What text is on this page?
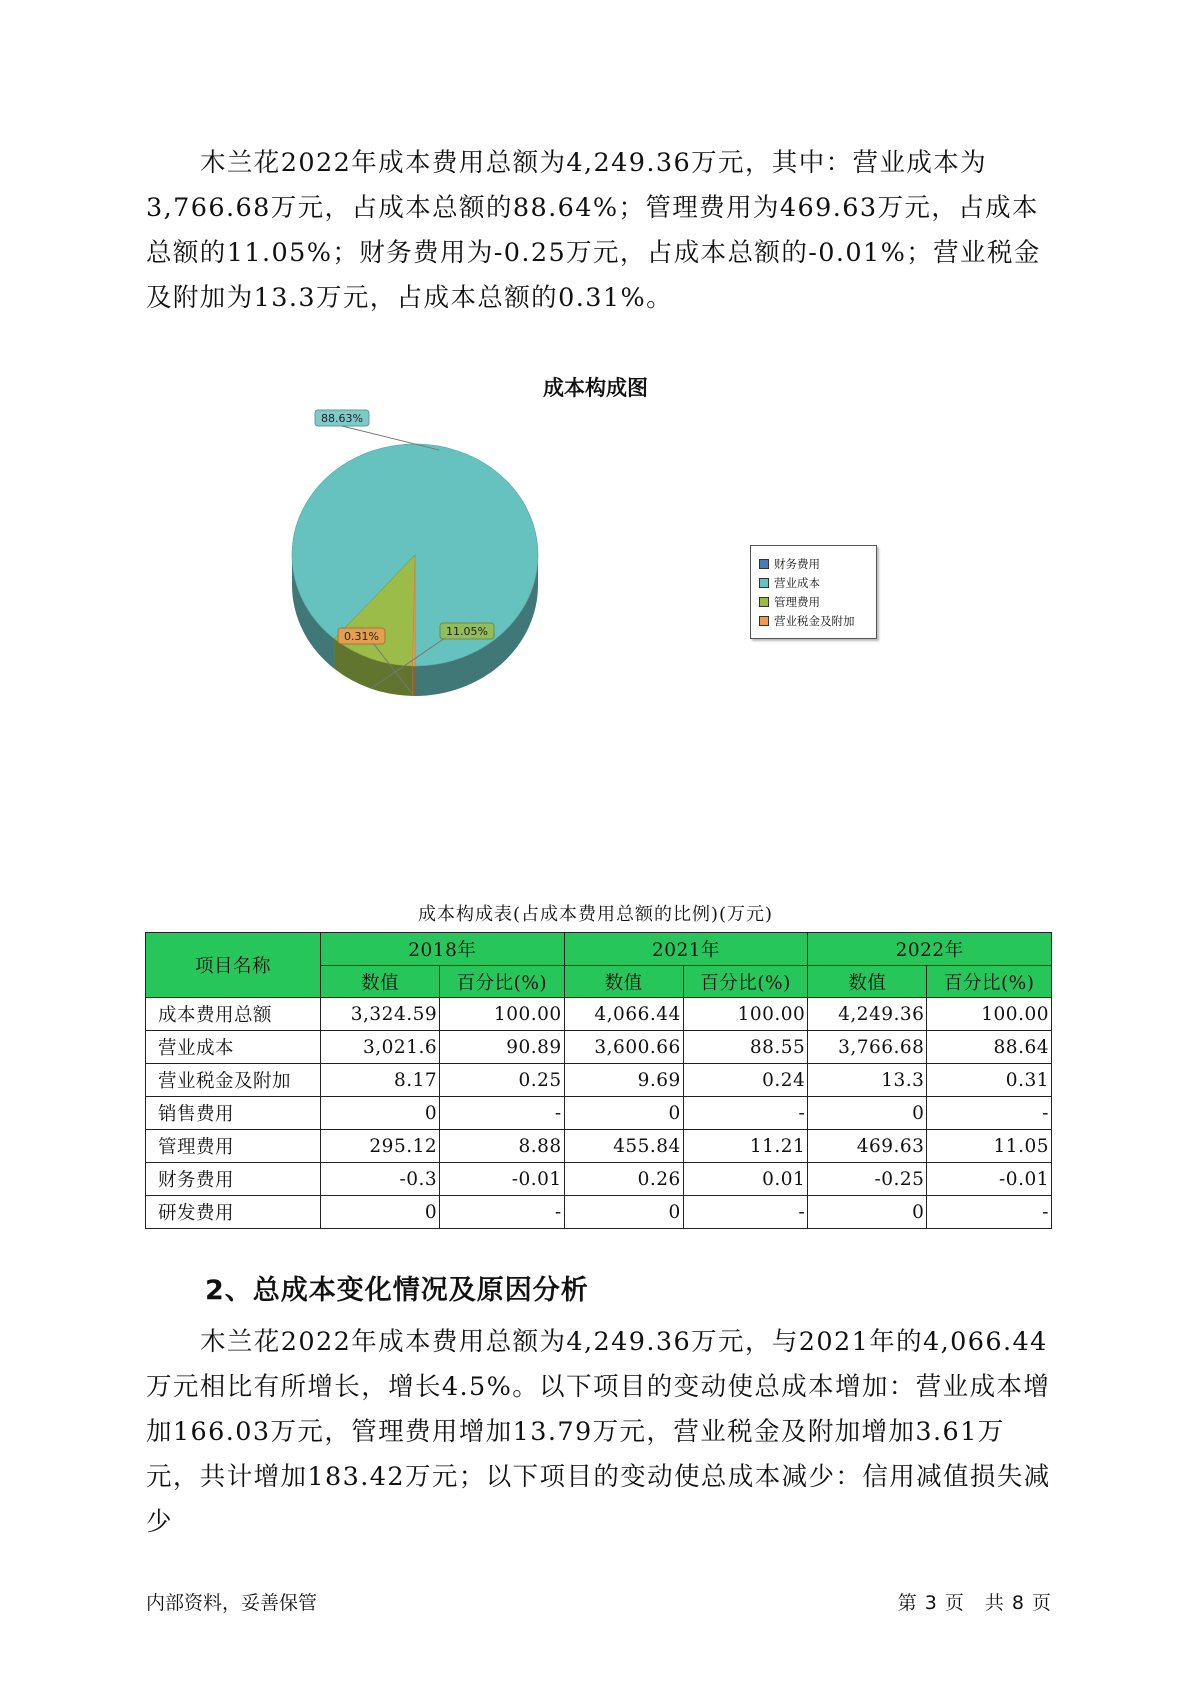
木兰花2022年成本费用总额为4,249.36万元，其中：营业成本为3,766.68万元，占成本总额的88.64%；管理费用为469.63万元，占成本总额的11.05%；财务费用为-0.25万元，占成本总额的-0.01%；营业税金及附加为13.3万元，占成本总额的0.31%。

成本构成图
88.63%
11.05%
0.31%
财务费用
营业成本
管理费用
营业税金及附加

成本构成表(占成本费用总额的比例)(万元)

项目名称	2018年		2021年		2022年	
	数值	百分比(%)	数值	百分比(%)	数值	百分比(%)
成本费用总额	3,324.59	100.00	4,066.44	100.00	4,249.36	100.00
营业成本	3,021.6	90.89	3,600.66	88.55	3,766.68	88.64
营业税金及附加	8.17	0.25	9.69	0.24	13.3	0.31
销售费用	0	-	0	-	0	-
管理费用	295.12	8.88	455.84	11.21	469.63	11.05
财务费用	-0.3	-0.01	0.26	0.01	-0.25	-0.01
研发费用	0	-	0	-	0	-
2、总成本变化情况及原因分析

木兰花2022年成本费用总额为4,249.36万元，与2021年的4,066.44万元相比有所增长，增长4.5%。以下项目的变动使总成本增加：营业成本增加166.03万元，管理费用增加13.79万元，营业税金及附加增加3.61万元，共计增加183.42万元；以下项目的变动使总成本减少：信用减值损失减少

内部资料，妥善保管	第 3 页　共 8 页
